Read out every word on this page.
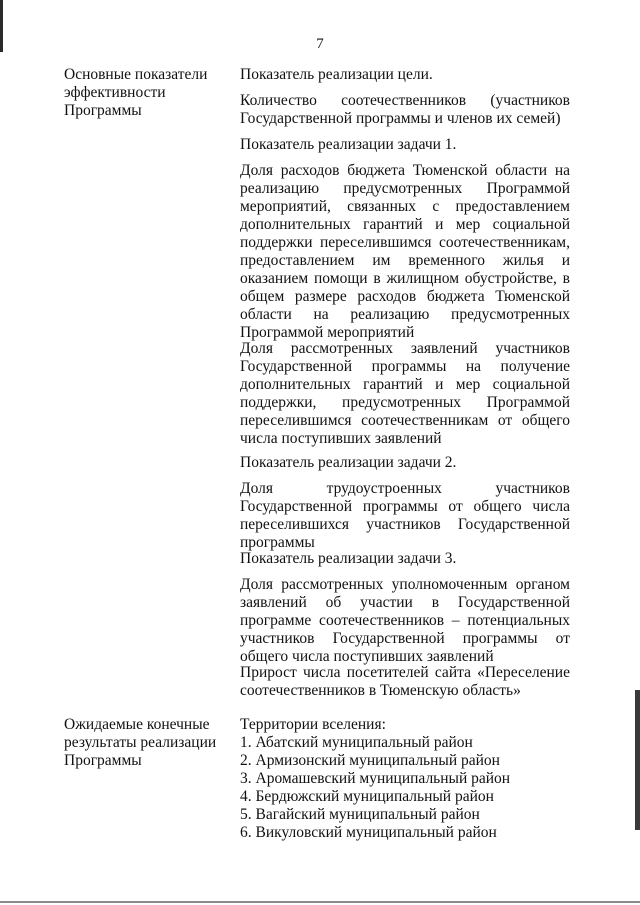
7
Основные показатели эффективности Программы
Показатель реализации цели.
Количество соотечественников (участников Государственной программы и членов их семей)
Показатель реализации задачи 1.
Доля расходов бюджета Тюменской области на реализацию предусмотренных Программой мероприятий, связанных с предоставлением дополнительных гарантий и мер социальной поддержки переселившимся соотечественникам, предоставлением им временного жилья и оказанием помощи в жилищном обустройстве, в общем размере расходов бюджета Тюменской области на реализацию предусмотренных Программой мероприятий
Доля рассмотренных заявлений участников Государственной программы на получение дополнительных гарантий и мер социальной поддержки, предусмотренных Программой переселившимся соотечественникам от общего числа поступивших заявлений
Показатель реализации задачи 2.
Доля трудоустроенных участников Государственной программы от общего числа переселившихся участников Государственной программы
Показатель реализации задачи 3.
Доля рассмотренных уполномоченным органом заявлений об участии в Государственной программе соотечественников – потенциальных участников Государственной программы от общего числа поступивших заявлений
Прирост числа посетителей сайта «Переселение соотечественников в Тюменскую область»
Ожидаемые конечные результаты реализации Программы
Территории вселения:
1. Абатский муниципальный район
2. Армизонский муниципальный район
3. Аромашевский муниципальный район
4. Бердюжский муниципальный район
5. Вагайский муниципальный район
6. Викуловский муниципальный район
